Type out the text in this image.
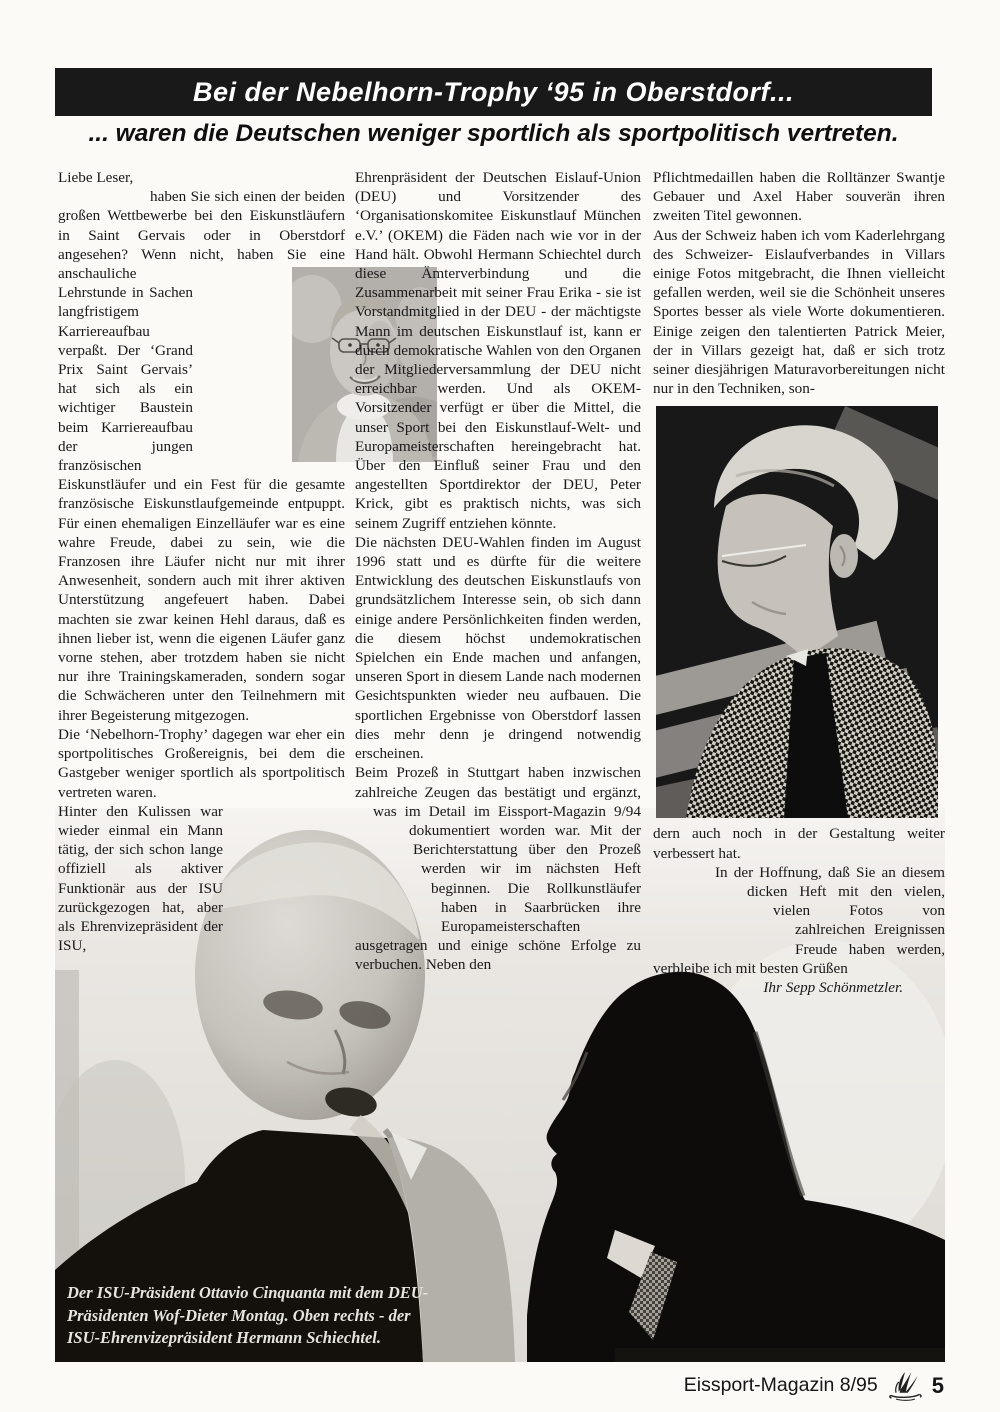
Bei der Nebelhorn-Trophy ‘95 in Oberstdorf...
... waren die Deutschen weniger sportlich als sportpolitisch vertreten.
Der ISU-Präsident Ottavio Cinquanta mit dem DEU-Präsidenten Wof-Dieter Montag. Oben rechts - der ISU-Ehrenvizepräsident Hermann Schiechtel.

Liebe Leser,

haben Sie sich einen der beiden großen Wettbewerbe bei den Eiskunstläufern in Saint Gervais oder in Oberstdorf angesehen? Wenn nicht, haben Sie eine
anschauliche Lehrstunde in Sachen langfristigem Karriereaufbau verpaßt. Der ‘Grand Prix Saint Gervais’ hat sich als ein wichtiger Baustein beim Karriereaufbau der jungen französischen Eiskunstläufer und ein Fest für die gesamte französische Eiskunstlaufgemeinde entpuppt. Für einen ehemaligen Einzelläufer war es eine wahre Freude, dabei zu sein, wie die Franzosen ihre Läufer nicht nur mit ihrer Anwesenheit, sondern auch mit ihrer aktiven Unterstützung angefeuert haben. Dabei machten sie zwar keinen Hehl daraus, daß es ihnen lieber ist, wenn die eigenen Läufer ganz vorne stehen, aber trotzdem haben sie nicht nur ihre Trainingskameraden, sondern sogar die Schwächeren unter den Teilnehmern mit ihrer Begeisterung mitgezogen.

Die ‘Nebelhorn-Trophy’ dagegen war eher ein sportpolitisches Großereignis, bei dem die Gastgeber weniger sportlich als sportpolitisch vertreten waren.

Hinter den Kulissen war wieder einmal ein Mann tätig, der sich schon lange offiziell als aktiver Funktionär aus der ISU zurückgezogen hat, aber als Ehrenvizepräsident der ISU,

Ehrenpräsident der Deutschen Eislauf-Union (DEU) und Vorsitzender des ‘Organisationskomitee Eiskunstlauf München e.V.’ (OKEM) die Fäden nach wie vor in der Hand hält. Obwohl Hermann Schiechtel durch diese Ämterverbindung und die Zusammenarbeit mit seiner Frau Erika - sie ist Vorstandmitglied in der DEU - der mächtigste Mann im deutschen Eiskunstlauf ist, kann er durch demokratische Wahlen von den Organen der Mitgliederversammlung der DEU nicht erreichbar werden. Und als OKEM-Vorsitzender verfügt er über die Mittel, die unser Sport bei den Eiskunstlauf-Welt- und Europameisterschaften hereingebracht hat. Über den Einfluß seiner Frau und den angestellten Sportdirektor der DEU, Peter Krick, gibt es praktisch nichts, was sich seinem Zugriff entziehen könnte.

Die nächsten DEU-Wahlen finden im August 1996 statt und es dürfte für die weitere Entwicklung des deutschen Eiskunstlaufs von grundsätzlichem Interesse sein, ob sich dann einige andere Persönlichkeiten finden werden, die diesem höchst undemokratischen Spielchen ein Ende machen und anfangen, unseren Sport in diesem Lande nach modernen Gesichtspunkten wieder neu aufbauen. Die sportlichen Ergebnisse von Oberstdorf lassen dies mehr denn je dringend notwendig erscheinen.

Beim Prozeß in Stuttgart haben inzwischen zahlreiche Zeugen das bestätigt und ergänzt, was im Detail im Eissport-Magazin 9/94
dokumentiert worden war. Mit der Berichterstattung über den Prozeß werden wir im nächsten Heft beginnen. Die Rollkunstläufer haben in Saarbrücken ihre Europameisterschaften ausgetragen und einige schöne Erfolge zu verbuchen. Neben den

Pflichtmedaillen haben die Rolltänzer Swantje Gebauer und Axel Haber souverän ihren zweiten Titel gewonnen.

Aus der Schweiz haben ich vom Kaderlehrgang des Schweizer- Eislaufverbandes in Villars einige Fotos mitgebracht, die Ihnen vielleicht gefallen werden, weil sie die Schönheit unseres Sportes besser als viele Worte dokumentieren. Einige zeigen den talentierten Patrick Meier, der in Villars gezeigt hat, daß er sich trotz seiner diesjährigen Maturavorbereitungen nicht nur in den Techniken, son-

dern auch noch in der Gestaltung weiter verbessert hat.

In der Hoffnung, daß Sie an diesem dicken Heft mit den vielen, vielen Fotos von zahlreichen Ereignissen Freude haben werden, verbleibe ich mit besten Grüßen

Ihr Sepp Schönmetzler.

Eissport-Magazin 8/95 5
